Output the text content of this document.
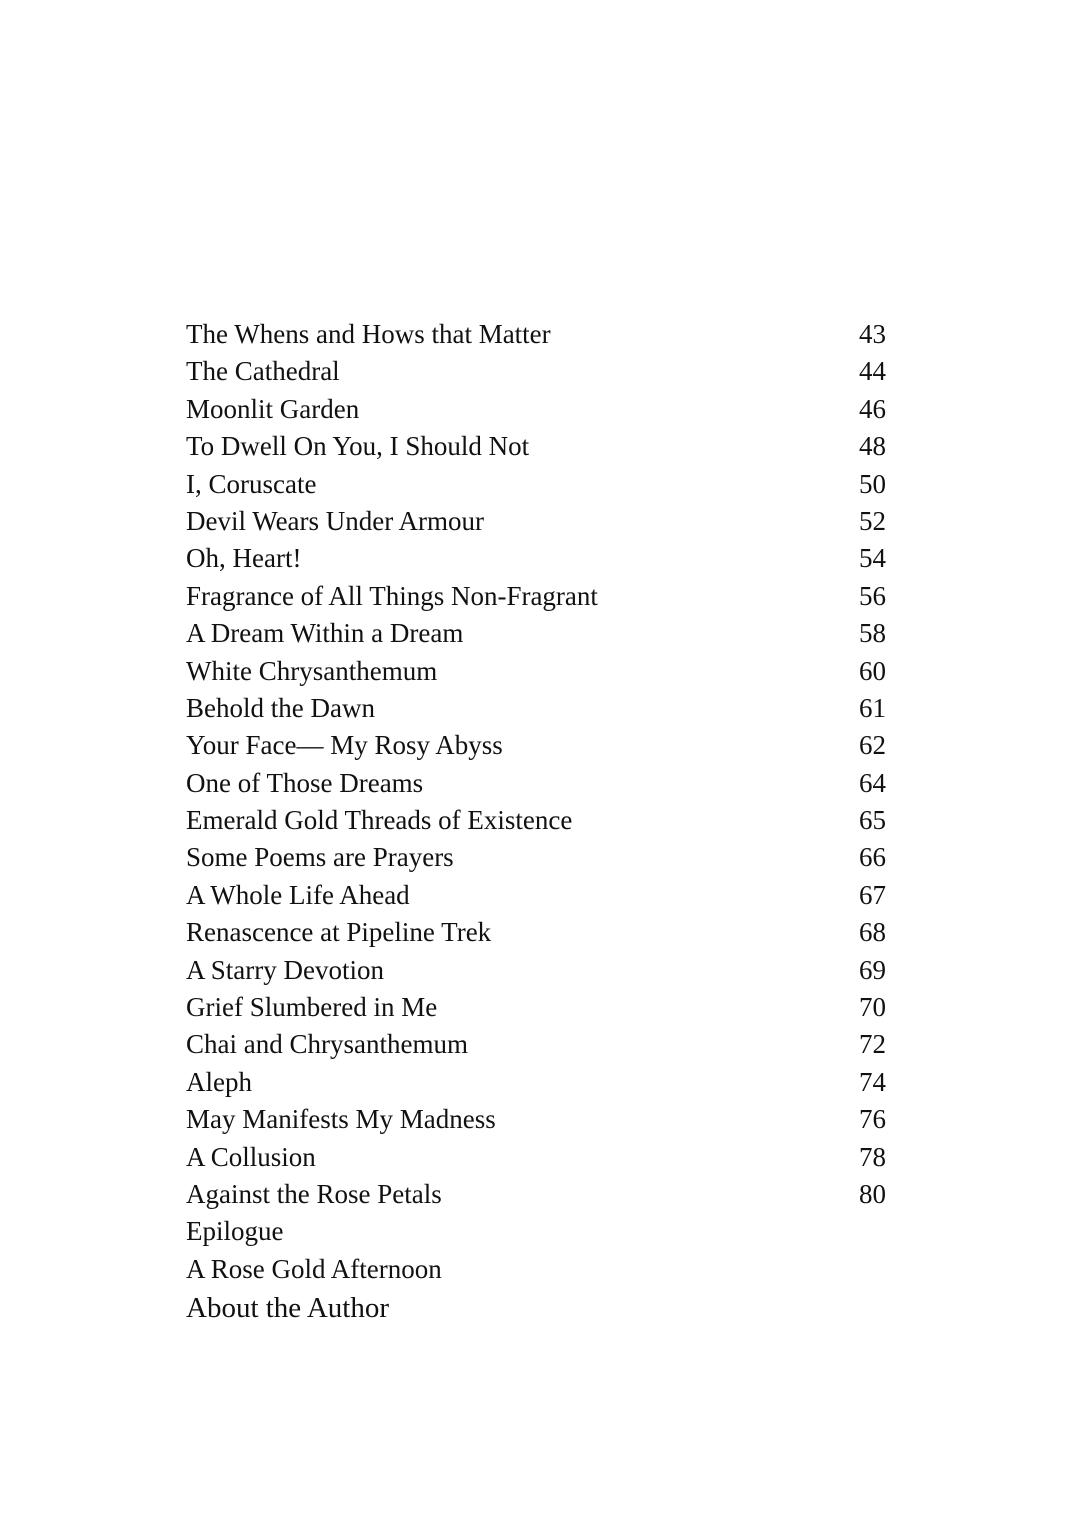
The Whens and Hows that Matter	43
The Cathedral	44
Moonlit Garden	46
To Dwell On You, I Should Not	48
I, Coruscate	50
Devil Wears Under Armour	52
Oh, Heart!	54
Fragrance of All Things Non-Fragrant	56
A Dream Within a Dream	58
White Chrysanthemum	60
Behold the Dawn	61
Your Face— My Rosy Abyss	62
One of Those Dreams	64
Emerald Gold Threads of Existence	65
Some Poems are Prayers	66
A Whole Life Ahead	67
Renascence at Pipeline Trek	68
A Starry Devotion	69
Grief Slumbered in Me	70
Chai and Chrysanthemum	72
Aleph	74
May Manifests My Madness	76
A Collusion	78
Against the Rose Petals	80
Epilogue
A Rose Gold Afternoon
About the Author
